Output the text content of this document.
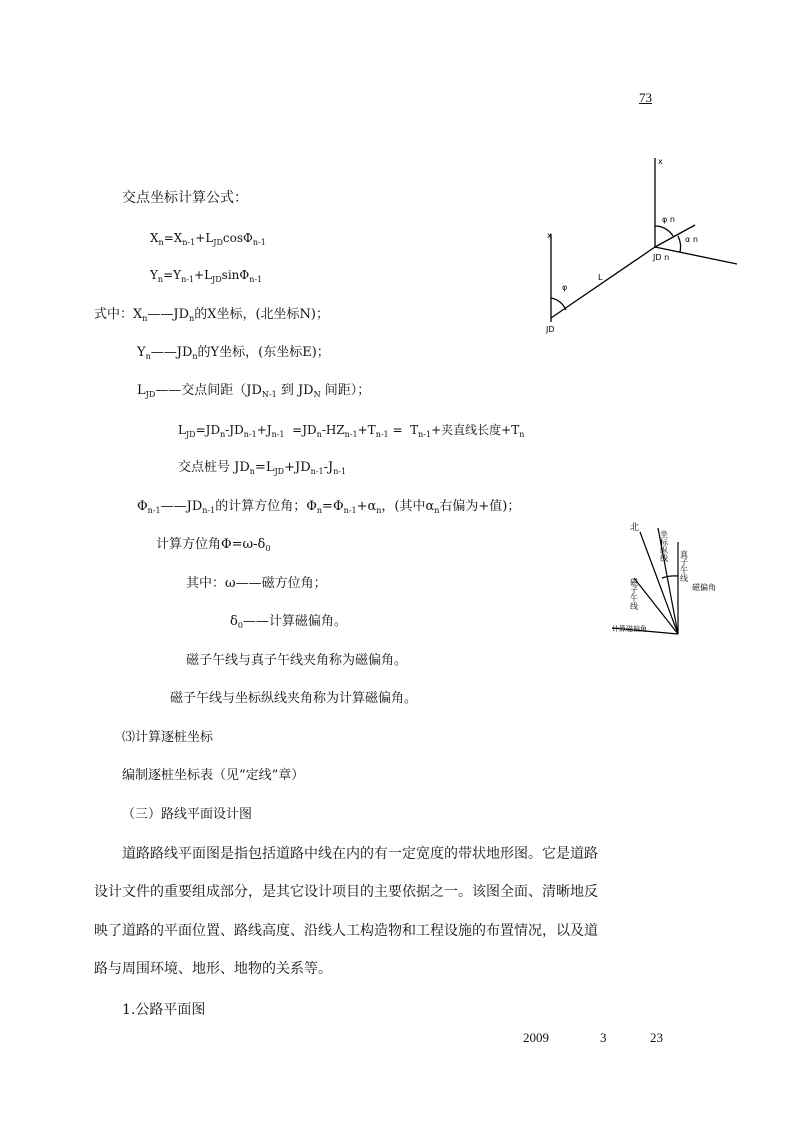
73
交点坐标计算公式：
$X_n=X_{n-1}+L_{JD}\cos\Phi_{n-1}$
$Y_n=Y_{n-1}+L_{JD}\sin\Phi_{n-1}$
式中：$X_n——JD_n$的X坐标，(北坐标N)；
$Y_n——JD_n$的Y坐标，(东坐标E)；
$L_{JD}——$交点间距（$JD_{N-1}$ 到 $JD_N$ 间距）；
$L_{JD}=JD_n-JD_{n-1}+J_{n-1} =JD_n-HZ_{n-1}+T_{n-1} = T_{n-1}+$夹直线长度$+T_n$
交点桩号 $JD_n=L_{JD}+JD_{n-1}-J_{n-1}$
$\Phi_{n-1}——JD_{n-1}$的计算方位角；$\Phi_n=\Phi_{n-1}+\alpha_n$，(其中$\alpha_n$右偏为+值)；
计算方位角$\Phi=\omega-\delta_0$
其中：ω——磁方位角；
$\delta_0——$计算磁偏角。
磁子午线与真子午线夹角称为磁偏角。
磁子午线与坐标纵线夹角称为计算磁偏角。
⑶计算逐桩坐标
编制逐桩坐标表（见“定线”章）
（三）路线平面设计图
道路路线平面图是指包括道路中线在内的有一定宽度的带状地形图。它是道路
设计文件的重要组成部分，是其它设计项目的主要依据之一。该图全面、清晰地反
映了道路的平面位置、路线高度、沿线人工构造物和工程设施的布置情况，以及道
路与周围环境、地形、地物的关系等。
1.公路平面图
2009	3	23
x
x
φ
φ n
α n
JD n
JD
L
北
坐标纵线
真子午线
磁偏角
磁子午线
计算磁偏角
